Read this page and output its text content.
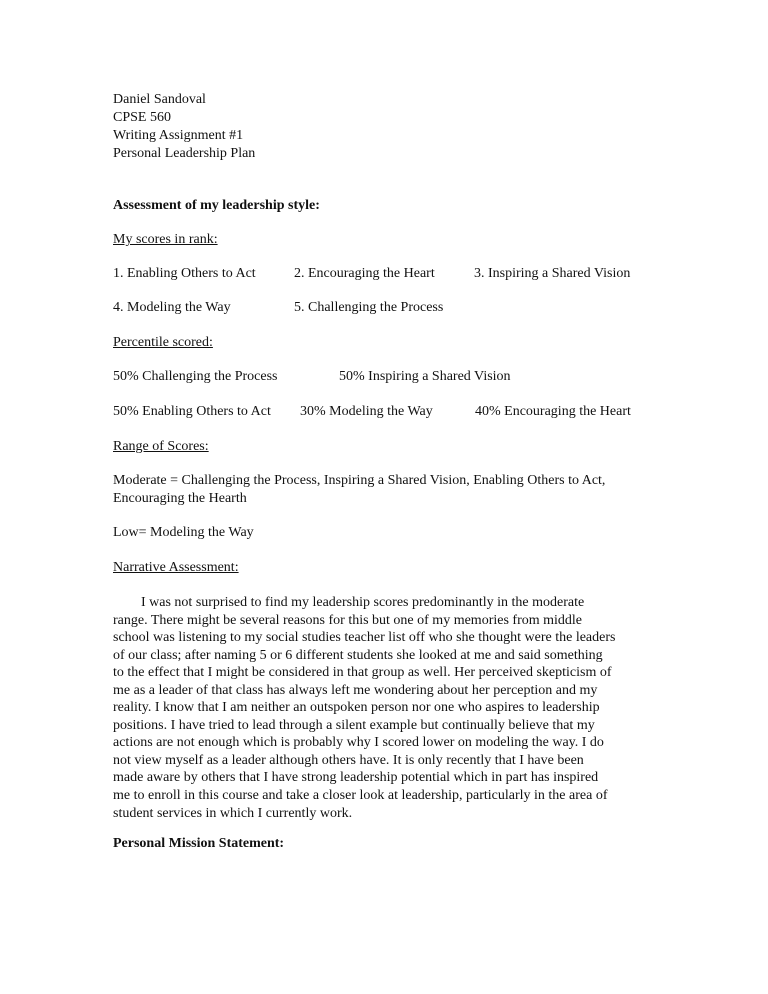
Daniel Sandoval
CPSE 560
Writing Assignment #1
Personal Leadership Plan
Assessment of my leadership style:
My scores in rank:
1. Enabling Others to Act	2. Encouraging the Heart	3. Inspiring a Shared Vision
4. Modeling the Way	5. Challenging the Process
Percentile scored:
50% Challenging the Process	50% Inspiring a Shared Vision
50% Enabling Others to Act 30% Modeling the Way	40% Encouraging the Heart
Range of Scores:
Moderate = Challenging the Process, Inspiring a Shared Vision, Enabling Others to Act,
Encouraging the Hearth
Low= Modeling the Way
Narrative Assessment:
I was not surprised to find my leadership scores predominantly in the moderate
range. There might be several reasons for this but one of my memories from middle
school was listening to my social studies teacher list off who she thought were the leaders
of our class; after naming 5 or 6 different students she looked at me and said something
to the effect that I might be considered in that group as well. Her perceived skepticism of
me as a leader of that class has always left me wondering about her perception and my
reality. I know that I am neither an outspoken person nor one who aspires to leadership
positions. I have tried to lead through a silent example but continually believe that my
actions are not enough which is probably why I scored lower on modeling the way. I do
not view myself as a leader although others have. It is only recently that I have been
made aware by others that I have strong leadership potential which in part has inspired
me to enroll in this course and take a closer look at leadership, particularly in the area of
student services in which I currently work.
Personal Mission Statement:
